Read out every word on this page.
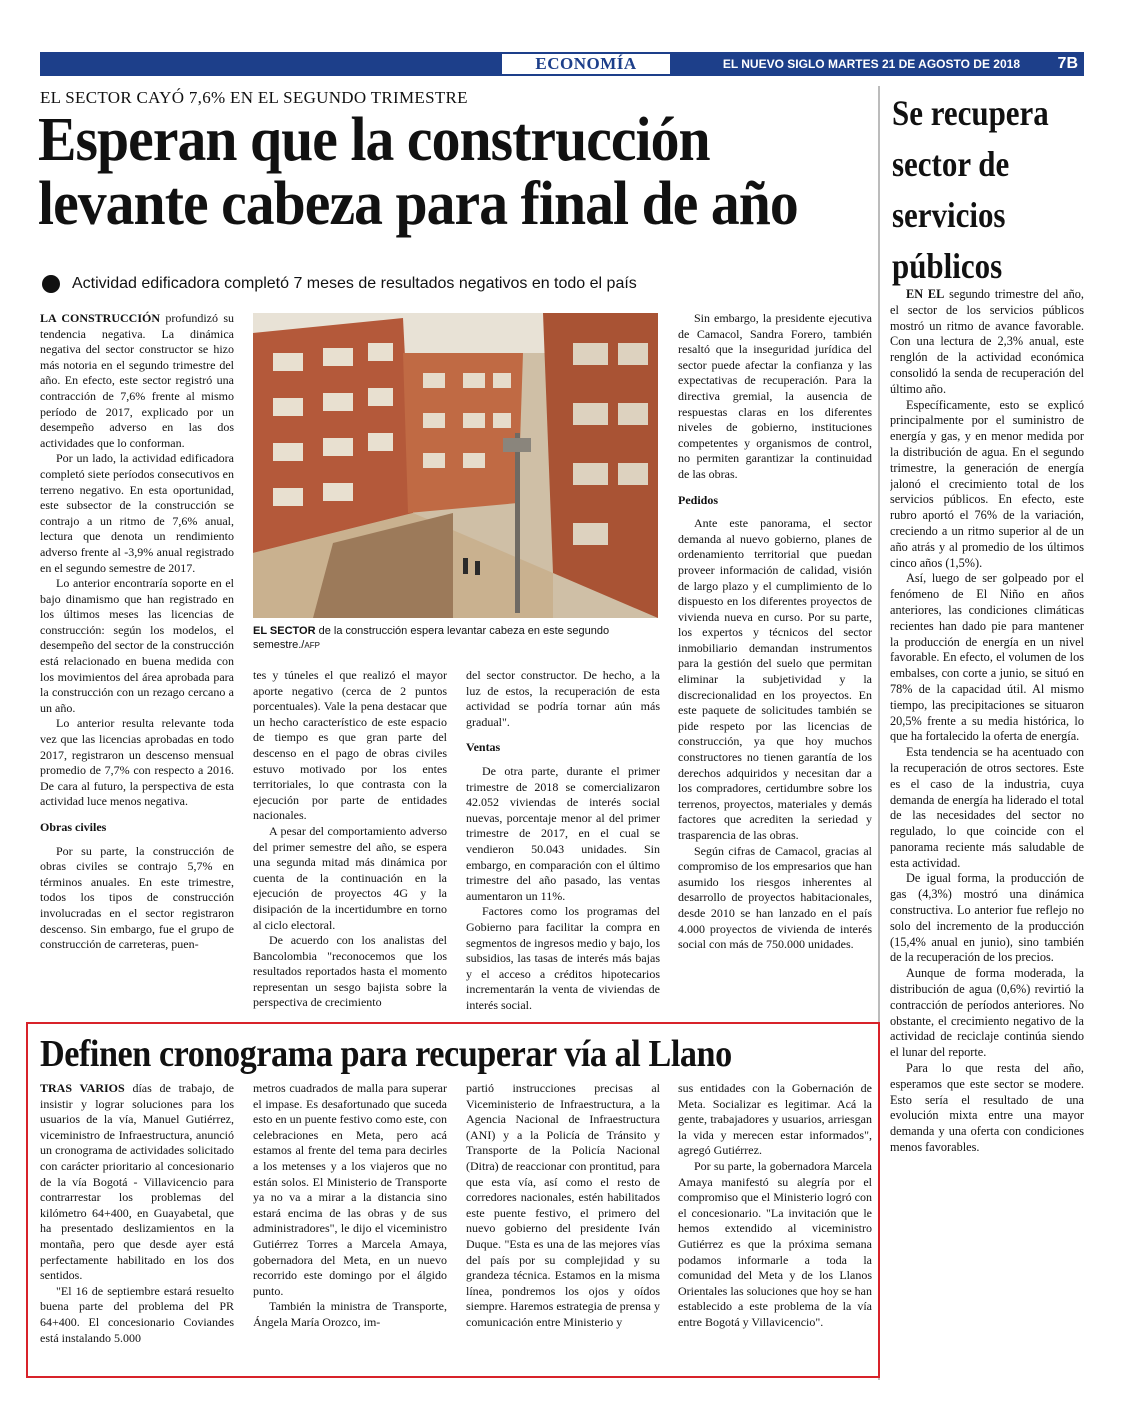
ECONOMÍA	EL NUEVO SIGLO MARTES 21 DE AGOSTO DE 2018 7B
EL SECTOR CAYÓ 7,6% EN EL SEGUNDO TRIMESTRE
Esperan que la construcción
levante cabeza para final de año
Actividad edificadora completó 7 meses de resultados negativos en todo el país

LA CONSTRUCCIÓN profundizó su tendencia negativa. La dinámica negativa del sector constructor se hizo más notoria en el segundo trimestre del año. En efecto, este sector registró una contracción de 7,6% frente al mismo período de 2017, explicado por un desempeño adverso en las dos actividades que lo conforman.

Por un lado, la actividad edificadora completó siete períodos consecutivos en terreno negativo. En esta oportunidad, este subsector de la construcción se contrajo a un ritmo de 7,6% anual, lectura que denota un rendimiento adverso frente al -3,9% anual registrado en el segundo semestre de 2017.

Lo anterior encontraría soporte en el bajo dinamismo que han registrado en los últimos meses las licencias de construcción: según los modelos, el desempeño del sector de la construcción está relacionado en buena medida con los movimientos del área aprobada para la construcción con un rezago cercano a un año.

Lo anterior resulta relevante toda vez que las licencias aprobadas en todo 2017, registraron un descenso mensual promedio de 7,7% con respecto a 2016. De cara al futuro, la perspectiva de esta actividad luce menos negativa.

Obras civiles

Por su parte, la construcción de obras civiles se contrajo 5,7% en términos anuales. En este trimestre, todos los tipos de construcción involucradas en el sector registraron descenso. Sin embargo, fue el grupo de construcción de carreteras, puen-

EL SECTOR de la construcción espera levantar cabeza en este segundo semestre./AFP

tes y túneles el que realizó el mayor aporte negativo (cerca de 2 puntos porcentuales). Vale la pena destacar que un hecho característico de este espacio de tiempo es que gran parte del descenso en el pago de obras civiles estuvo motivado por los entes territoriales, lo que contrasta con la ejecución por parte de entidades nacionales.

A pesar del comportamiento adverso del primer semestre del año, se espera una segunda mitad más dinámica por cuenta de la continuación en la ejecución de proyectos 4G y la disipación de la incertidumbre en torno al ciclo electoral.

De acuerdo con los analistas del Bancolombia "reconocemos que los resultados reportados hasta el momento representan un sesgo bajista sobre la perspectiva de crecimiento

del sector constructor. De hecho, a la luz de estos, la recuperación de esta actividad se podría tornar aún más gradual".

Ventas

De otra parte, durante el primer trimestre de 2018 se comercializaron 42.052 viviendas de interés social nuevas, porcentaje menor al del primer trimestre de 2017, en el cual se vendieron 50.043 unidades. Sin embargo, en comparación con el último trimestre del año pasado, las ventas aumentaron un 11%.

Factores como los programas del Gobierno para facilitar la compra en segmentos de ingresos medio y bajo, los subsidios, las tasas de interés más bajas y el acceso a créditos hipotecarios incrementarán la venta de viviendas de interés social.

Sin embargo, la presidente ejecutiva de Camacol, Sandra Forero, también resaltó que la inseguridad jurídica del sector puede afectar la confianza y las expectativas de recuperación. Para la directiva gremial, la ausencia de respuestas claras en los diferentes niveles de gobierno, instituciones competentes y organismos de control, no permiten garantizar la continuidad de las obras.

Pedidos

Ante este panorama, el sector demanda al nuevo gobierno, planes de ordenamiento territorial que puedan proveer información de calidad, visión de largo plazo y el cumplimiento de lo dispuesto en los diferentes proyectos de vivienda nueva en curso. Por su parte, los expertos y técnicos del sector inmobiliario demandan instrumentos para la gestión del suelo que permitan eliminar la subjetividad y la discrecionalidad en los proyectos. En este paquete de solicitudes también se pide respeto por las licencias de construcción, ya que hoy muchos constructores no tienen garantía de los derechos adquiridos y necesitan dar a los compradores, certidumbre sobre los terrenos, proyectos, materiales y demás factores que acrediten la seriedad y trasparencia de las obras.

Según cifras de Camacol, gracias al compromiso de los empresarios que han asumido los riesgos inherentes al desarrollo de proyectos habitacionales, desde 2010 se han lanzado en el país 4.000 proyectos de vivienda de interés social con más de 750.000 unidades.

Se recupera
sector de
servicios
públicos

EN EL segundo trimestre del año, el sector de los servicios públicos mostró un ritmo de avance favorable. Con una lectura de 2,3% anual, este renglón de la actividad económica consolidó la senda de recuperación del último año.

Específicamente, esto se explicó principalmente por el suministro de energía y gas, y en menor medida por la distribución de agua. En el segundo trimestre, la generación de energía jalonó el crecimiento total de los servicios públicos. En efecto, este rubro aportó el 76% de la variación, creciendo a un ritmo superior al de un año atrás y al promedio de los últimos cinco años (1,5%).

Así, luego de ser golpeado por el fenómeno de El Niño en años anteriores, las condiciones climáticas recientes han dado pie para mantener la producción de energía en un nivel favorable. En efecto, el volumen de los embalses, con corte a junio, se situó en 78% de la capacidad útil. Al mismo tiempo, las precipitaciones se situaron 20,5% frente a su media histórica, lo que ha fortalecido la oferta de energía.

Esta tendencia se ha acentuado con la recuperación de otros sectores. Este es el caso de la industria, cuya demanda de energía ha liderado el total de las necesidades del sector no regulado, lo que coincide con el panorama reciente más saludable de esta actividad.

De igual forma, la producción de gas (4,3%) mostró una dinámica constructiva. Lo anterior fue reflejo no solo del incremento de la producción (15,4% anual en junio), sino también de la recuperación de los precios.

Aunque de forma moderada, la distribución de agua (0,6%) revirtió la contracción de períodos anteriores. No obstante, el crecimiento negativo de la actividad de reciclaje continúa siendo el lunar del reporte.

Para lo que resta del año, esperamos que este sector se modere. Esto sería el resultado de una evolución mixta entre una mayor demanda y una oferta con condiciones menos favorables.

Definen cronograma para recuperar vía al Llano

TRAS VARIOS días de trabajo, de insistir y lograr soluciones para los usuarios de la vía, Manuel Gutiérrez, viceministro de Infraestructura, anunció un cronograma de actividades solicitado con carácter prioritario al concesionario de la vía Bogotá - Villavicencio para contrarrestar los problemas del kilómetro 64+400, en Guayabetal, que ha presentado deslizamientos en la montaña, pero que desde ayer está perfectamente habilitado en los dos sentidos.

"El 16 de septiembre estará resuelto buena parte del problema del PR 64+400. El concesionario Coviandes está instalando 5.000

metros cuadrados de malla para superar el impase. Es desafortunado que suceda esto en un puente festivo como este, con celebraciones en Meta, pero acá estamos al frente del tema para decirles a los metenses y a los viajeros que no están solos. El Ministerio de Transporte ya no va a mirar a la distancia sino estará encima de las obras y de sus administradores", le dijo el viceministro Gutiérrez Torres a Marcela Amaya, gobernadora del Meta, en un nuevo recorrido este domingo por el álgido punto.

También la ministra de Transporte, Ángela María Orozco, im-

partió instrucciones precisas al Viceministerio de Infraestructura, a la Agencia Nacional de Infraestructura (ANI) y a la Policía de Tránsito y Transporte de la Policía Nacional (Ditra) de reaccionar con prontitud, para que esta vía, así como el resto de corredores nacionales, estén habilitados este puente festivo, el primero del nuevo gobierno del presidente Iván Duque. "Esta es una de las mejores vías del país por su complejidad y su grandeza técnica. Estamos en la misma línea, pondremos los ojos y oídos siempre. Haremos estrategia de prensa y comunicación entre Ministerio y

sus entidades con la Gobernación de Meta. Socializar es legitimar. Acá la gente, trabajadores y usuarios, arriesgan la vida y merecen estar informados", agregó Gutiérrez.

Por su parte, la gobernadora Marcela Amaya manifestó su alegría por el compromiso que el Ministerio logró con el concesionario. "La invitación que le hemos extendido al viceministro Gutiérrez es que la próxima semana podamos informarle a toda la comunidad del Meta y de los Llanos Orientales las soluciones que hoy se han establecido a este problema de la vía entre Bogotá y Villavicencio".
